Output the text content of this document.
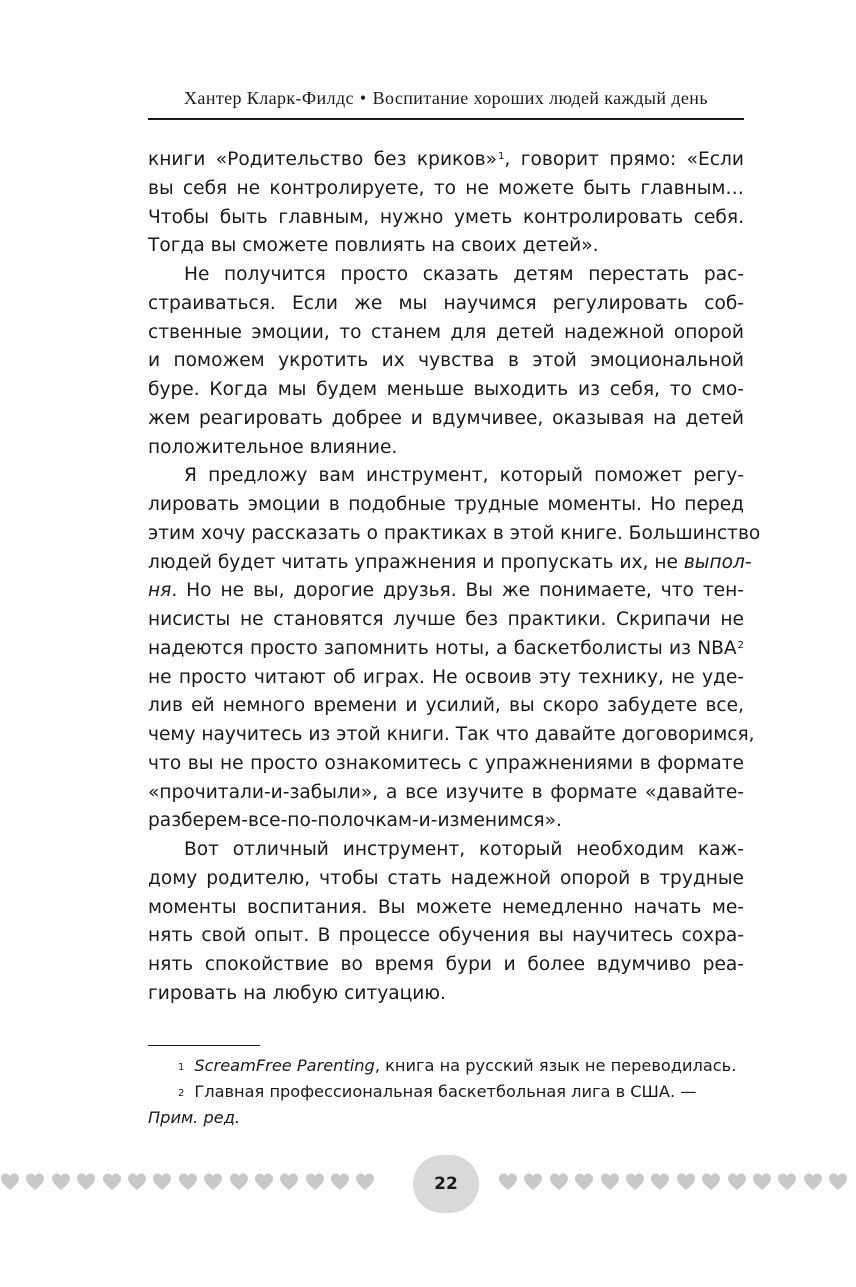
Хантер Кларк-Филдс • Воспитание хороших людей каждый день
книги «Родительство без криков»$^1$, говорит прямо: «Если
вы себя не контролируете, то не можете быть главным…
Чтобы быть главным, нужно уметь контролировать себя.
Тогда вы сможете повлиять на своих детей».
Не получится просто сказать детям перестать рас-
страиваться. Если же мы научимся регулировать соб-
ственные эмоции, то станем для детей надежной опорой
и поможем укротить их чувства в этой эмоциональной
буре. Когда мы будем меньше выходить из себя, то смо-
жем реагировать добрее и вдумчивее, оказывая на детей
положительное влияние.
Я предложу вам инструмент, который поможет регу-
лировать эмоции в подобные трудные моменты. Но перед
этим хочу рассказать о практиках в этой книге. Большинство
людей будет читать упражнения и пропускать их, не выпол-
ня. Но не вы, дорогие друзья. Вы же понимаете, что тен-
нисисты не становятся лучше без практики. Скрипачи не
надеются просто запомнить ноты, а баскетболисты из NBA$^2$
не просто читают об играх. Не освоив эту технику, не уде-
лив ей немного времени и усилий, вы скоро забудете все,
чему научитесь из этой книги. Так что давайте договоримся,
что вы не просто ознакомитесь с упражнениями в формате
«прочитали-и-забыли», а все изучите в формате «давайте-
разберем-все-по-полочкам-и-изменимся».
Вот отличный инструмент, который необходим каж-
дому родителю, чтобы стать надежной опорой в трудные
моменты воспитания. Вы можете немедленно начать ме-
нять свой опыт. В процессе обучения вы научитесь сохра-
нять спокойствие во время бури и более вдумчиво реа-
гировать на любую ситуацию.
$^1$ ScreamFree Parenting, книга на русский язык не переводилась.
$^2$ Главная профессиональная баскетбольная лига в США. —
Прим. ред.
22
